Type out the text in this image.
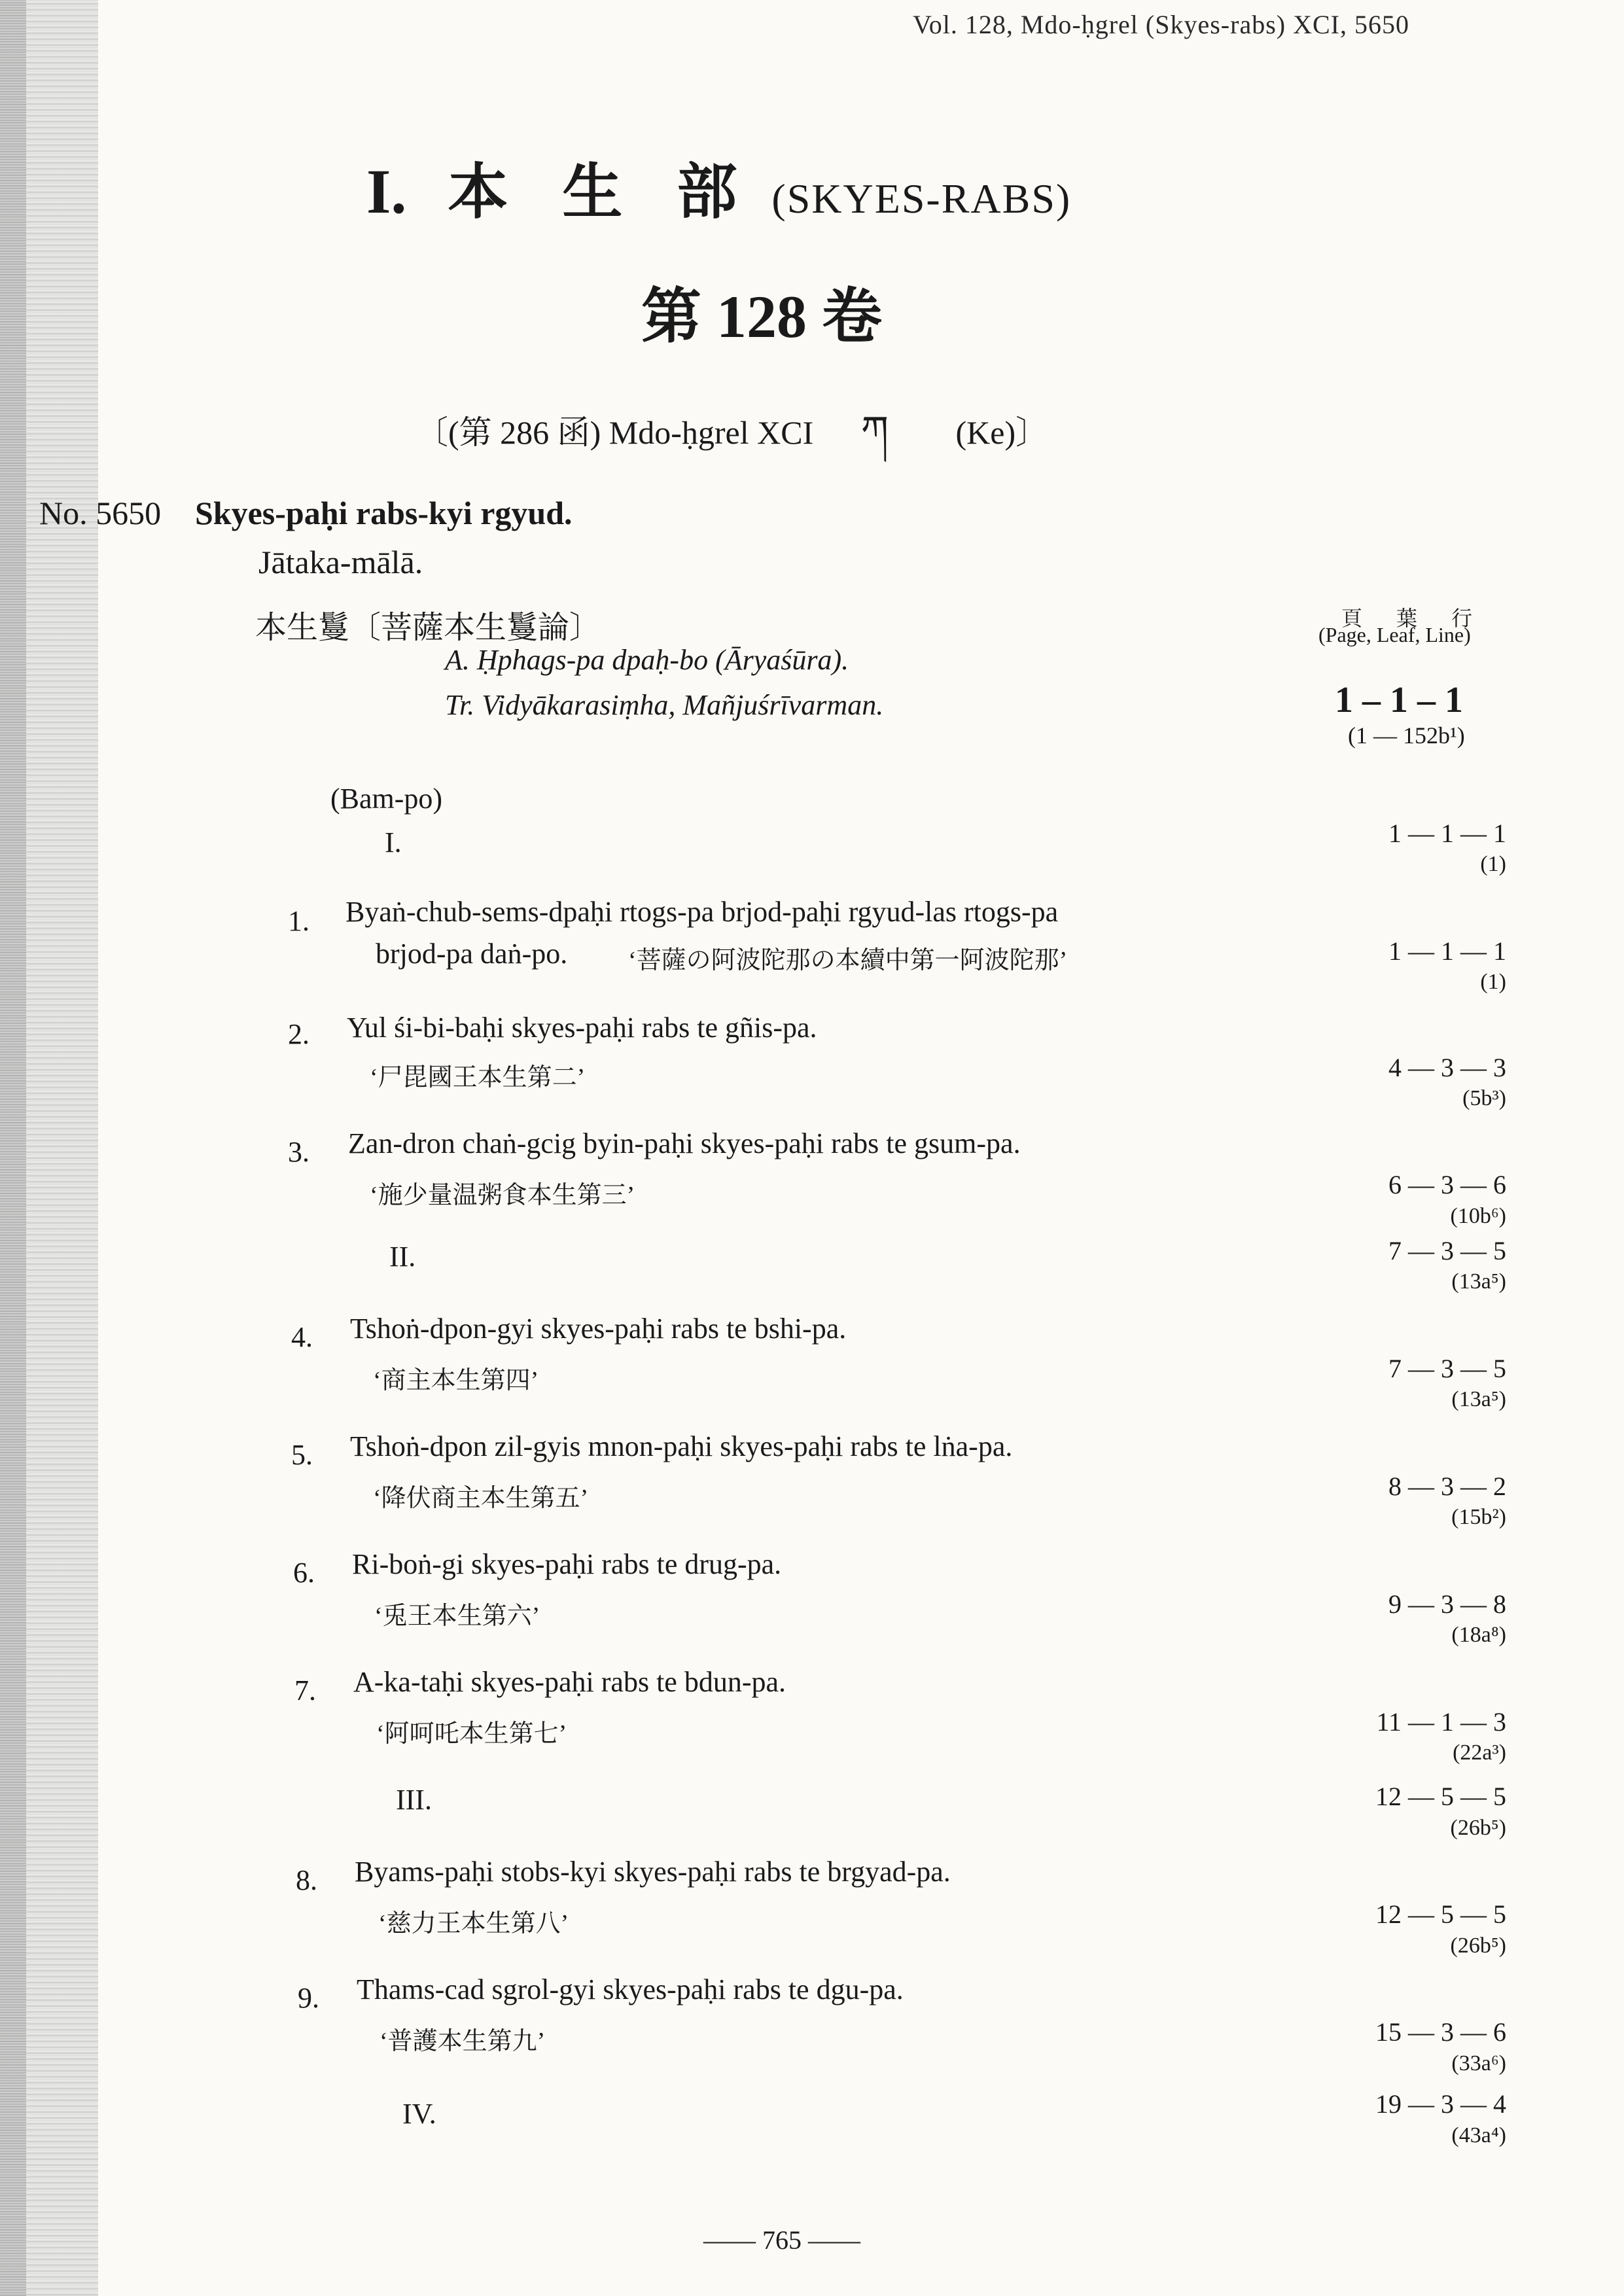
Vol. 128, Mdo-ḥgrel (Skyes-rabs) XCI, 5650
I. 本 生 部 (SKYES-RABS)
第 128 卷
〔(第 286 函) Mdo-ḥgrel XCI ཀ (Ke)〕
No. 5650 Skyes-paḥi rabs-kyi rgyud.
Jātaka-mālā.
本生鬘〔菩薩本生鬘論〕
A. Ḥphags-pa dpaḥ-bo (Āryaśūra).
Tr. Vidyākarasiṃha, Mañjuśrīvarman.
頁 葉 行
(Page, Leaf, Line)
1 – 1 – 1
(1 — 152b¹)
(Bam-po)
I.	1 — 1 — 1
(1)
1. Byaṅ-chub-sems-dpaḥi rtogs-pa brjod-paḥi rgyud-las rtogs-pa
brjod-pa daṅ-po. ‘菩薩の阿波陀那の本續中第一阿波陀那’	1 — 1 — 1
(1)
2. Yul śi-bi-baḥi skyes-paḥi rabs te gñis-pa.
‘尸毘國王本生第二’	4 — 3 — 3
(5b³)
3. Zan-dron chaṅ-gcig byin-paḥi skyes-paḥi rabs te gsum-pa.
‘施少量温粥食本生第三’	6 — 3 — 6
(10b⁶)
II.	7 — 3 — 5
(13a⁵)
4. Tshoṅ-dpon-gyi skyes-paḥi rabs te bshi-pa.
‘商主本生第四’	7 — 3 — 5
(13a⁵)
5. Tshoṅ-dpon zil-gyis mnon-paḥi skyes-paḥi rabs te lṅa-pa.
‘降伏商主本生第五’	8 — 3 — 2
(15b²)
6. Ri-boṅ-gi skyes-paḥi rabs te drug-pa.
‘兎王本生第六’	9 — 3 — 8
(18a⁸)
7. A-ka-taḥi skyes-paḥi rabs te bdun-pa.
‘阿呵吒本生第七’	11 — 1 — 3
(22a³)
III.	12 — 5 — 5
(26b⁵)
8. Byams-paḥi stobs-kyi skyes-paḥi rabs te brgyad-pa.
‘慈力王本生第八’	12 — 5 — 5
(26b⁵)
9. Thams-cad sgrol-gyi skyes-paḥi rabs te dgu-pa.
‘普護本生第九’	15 — 3 — 6
(33a⁶)
IV.	19 — 3 — 4
(43a⁴)
—— 765 ——
